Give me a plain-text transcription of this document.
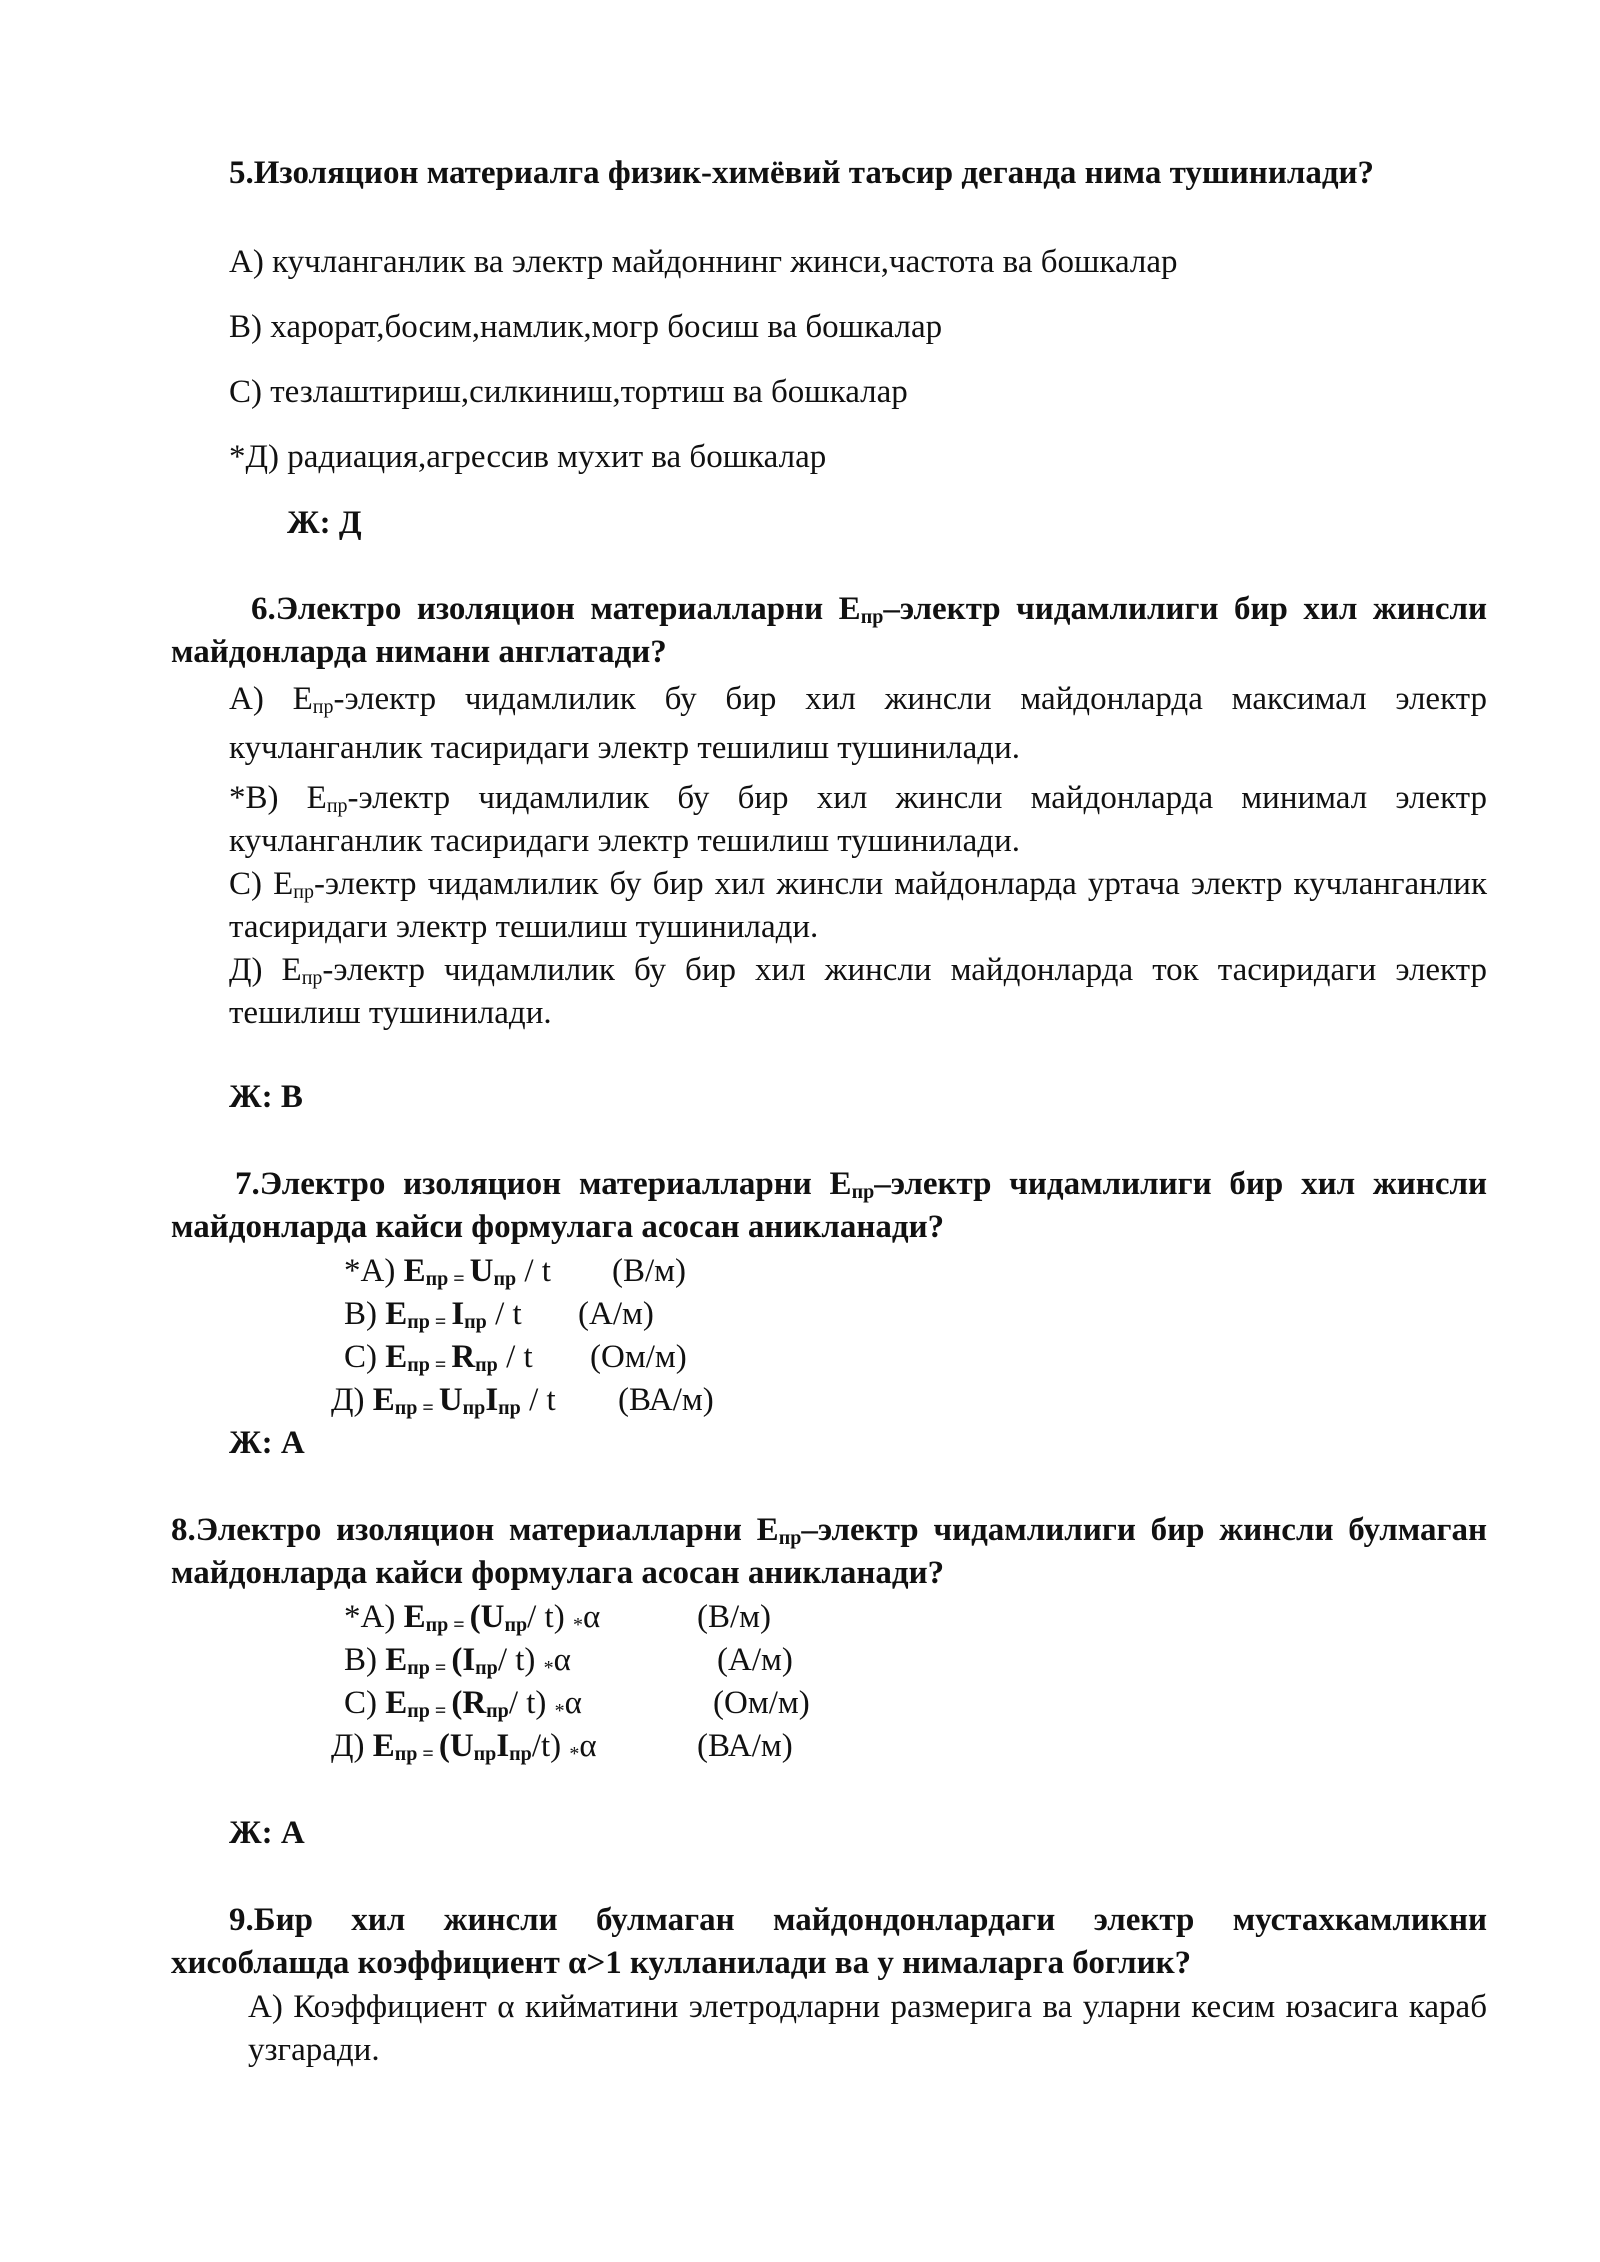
5.Изоляцион материалга физик-химёвий таъсир деганда нима тушинилади?
А) кучланганлик ва электр майдоннинг жинси,частота ва бошкалар
В) харорат,босим,намлик,могр босиш ва бошкалар
С) тезлаштириш,силкиниш,тортиш ва бошкалар
*Д) радиация,агрессив мухит ва бошкалар
Ж: Д
6.Электро изоляцион материалларни $E_{пр}$–электр чидамлилиги бир хил жинсли майдонларда нимани англатади?
А) $E_{пр}$-электр чидамлилик бу бир хил жинсли майдонларда максимал электр кучланганлик тасиридаги электр тешилиш тушинилади.
*В) $E_{пр}$-электр чидамлилик бу бир хил жинсли майдонларда минимал электр кучланганлик тасиридаги электр тешилиш тушинилади.
С) $E_{пр}$-электр чидамлилик бу бир хил жинсли майдонларда уртача электр кучланганлик тасиридаги электр тешилиш тушинилади.
Д) $E_{пр}$-электр чидамлилик бу бир хил жинсли майдонларда ток тасиридаги электр тешилиш тушинилади.
Ж: В
7.Электро изоляцион материалларни $E_{пр}$–электр чидамлилиги бир хил жинсли майдонларда кайси формулага асосан аникланади?
*А) Eпр = Uпр / t (В/м)
В) Eпр = Iпр / t (А/м)
С) Eпр = Rпр / t (Ом/м)
Д) Eпр = UпрIпр / t (ВА/м)
Ж: А
8.Электро изоляцион материалларни $E_{пр}$–электр чидамлилиги бир жинсли булмаган майдонларда кайси формулага асосан аникланади?
*А) Eпр = (Uпр/ t) $_*$α	(В/м)
В) Eпр = (Iпр/ t) $_*$α	(А/м)
С) Eпр = (Rпр/ t) $_*$α	(Ом/м)
Д) Eпр = (UпрIпр/t) $_*$α	(ВА/м)
Ж: А
9.Бир хил жинсли булмаган майдондонлардаги электр мустахкамликни хисоблашда коэффициент α>1 кулланилади ва у нималарга боглик?
А) Коэффициент α кийматини элетродларни размерига ва уларни кесим юзасига караб узгаради.
